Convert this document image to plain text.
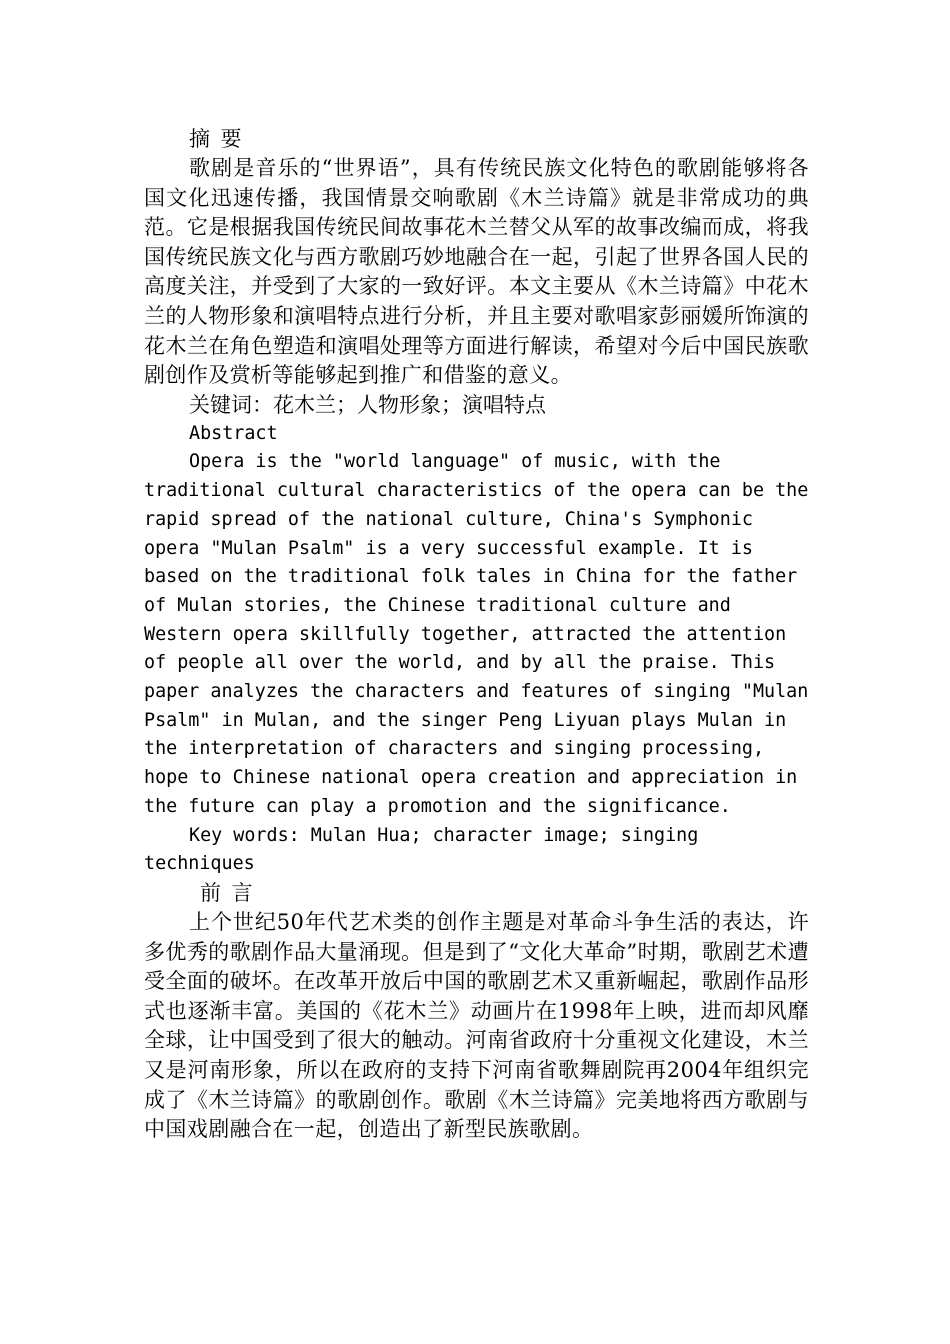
摘要

歌剧是音乐的“世界语”，具有传统民族文化特色的歌剧能够将各国文化迅速传播，我国情景交响歌剧《木兰诗篇》就是非常成功的典范。它是根据我国传统民间故事花木兰替父从军的故事改编而成，将我国传统民族文化与西方歌剧巧妙地融合在一起，引起了世界各国人民的高度关注，并受到了大家的一致好评。本文主要从《木兰诗篇》中花木兰的人物形象和演唱特点进行分析，并且主要对歌唱家彭丽媛所饰演的花木兰在角色塑造和演唱处理等方面进行解读，希望对今后中国民族歌剧创作及赏析等能够起到推广和借鉴的意义。

关键词：花木兰；人物形象；演唱特点

Abstract

Opera is the "world language" of music, with the traditional cultural characteristics of the opera can be the rapid spread of the national culture, China's Symphonic opera "Mulan Psalm" is a very successful example. It is based on the traditional folk tales in China for the father of Mulan stories, the Chinese traditional culture and Western opera skillfully together, attracted the attention of people all over the world, and by all the praise. This paper analyzes the characters and features of singing "Mulan Psalm" in Mulan, and the singer Peng Liyuan plays Mulan in the interpretation of characters and singing processing, hope to Chinese national opera creation and appreciation in the future can play a promotion and the significance.

Key words: Mulan Hua; character image; singing techniques

前言

上个世纪50年代艺术类的创作主题是对革命斗争生活的表达，许多优秀的歌剧作品大量涌现。但是到了“文化大革命”时期，歌剧艺术遭受全面的破坏。在改革开放后中国的歌剧艺术又重新崛起，歌剧作品形式也逐渐丰富。美国的《花木兰》动画片在1998年上映，进而却风靡全球，让中国受到了很大的触动。河南省政府十分重视文化建设，木兰又是河南形象，所以在政府的支持下河南省歌舞剧院再2004年组织完成了《木兰诗篇》的歌剧创作。歌剧《木兰诗篇》完美地将西方歌剧与中国戏剧融合在一起，创造出了新型民族歌剧。
